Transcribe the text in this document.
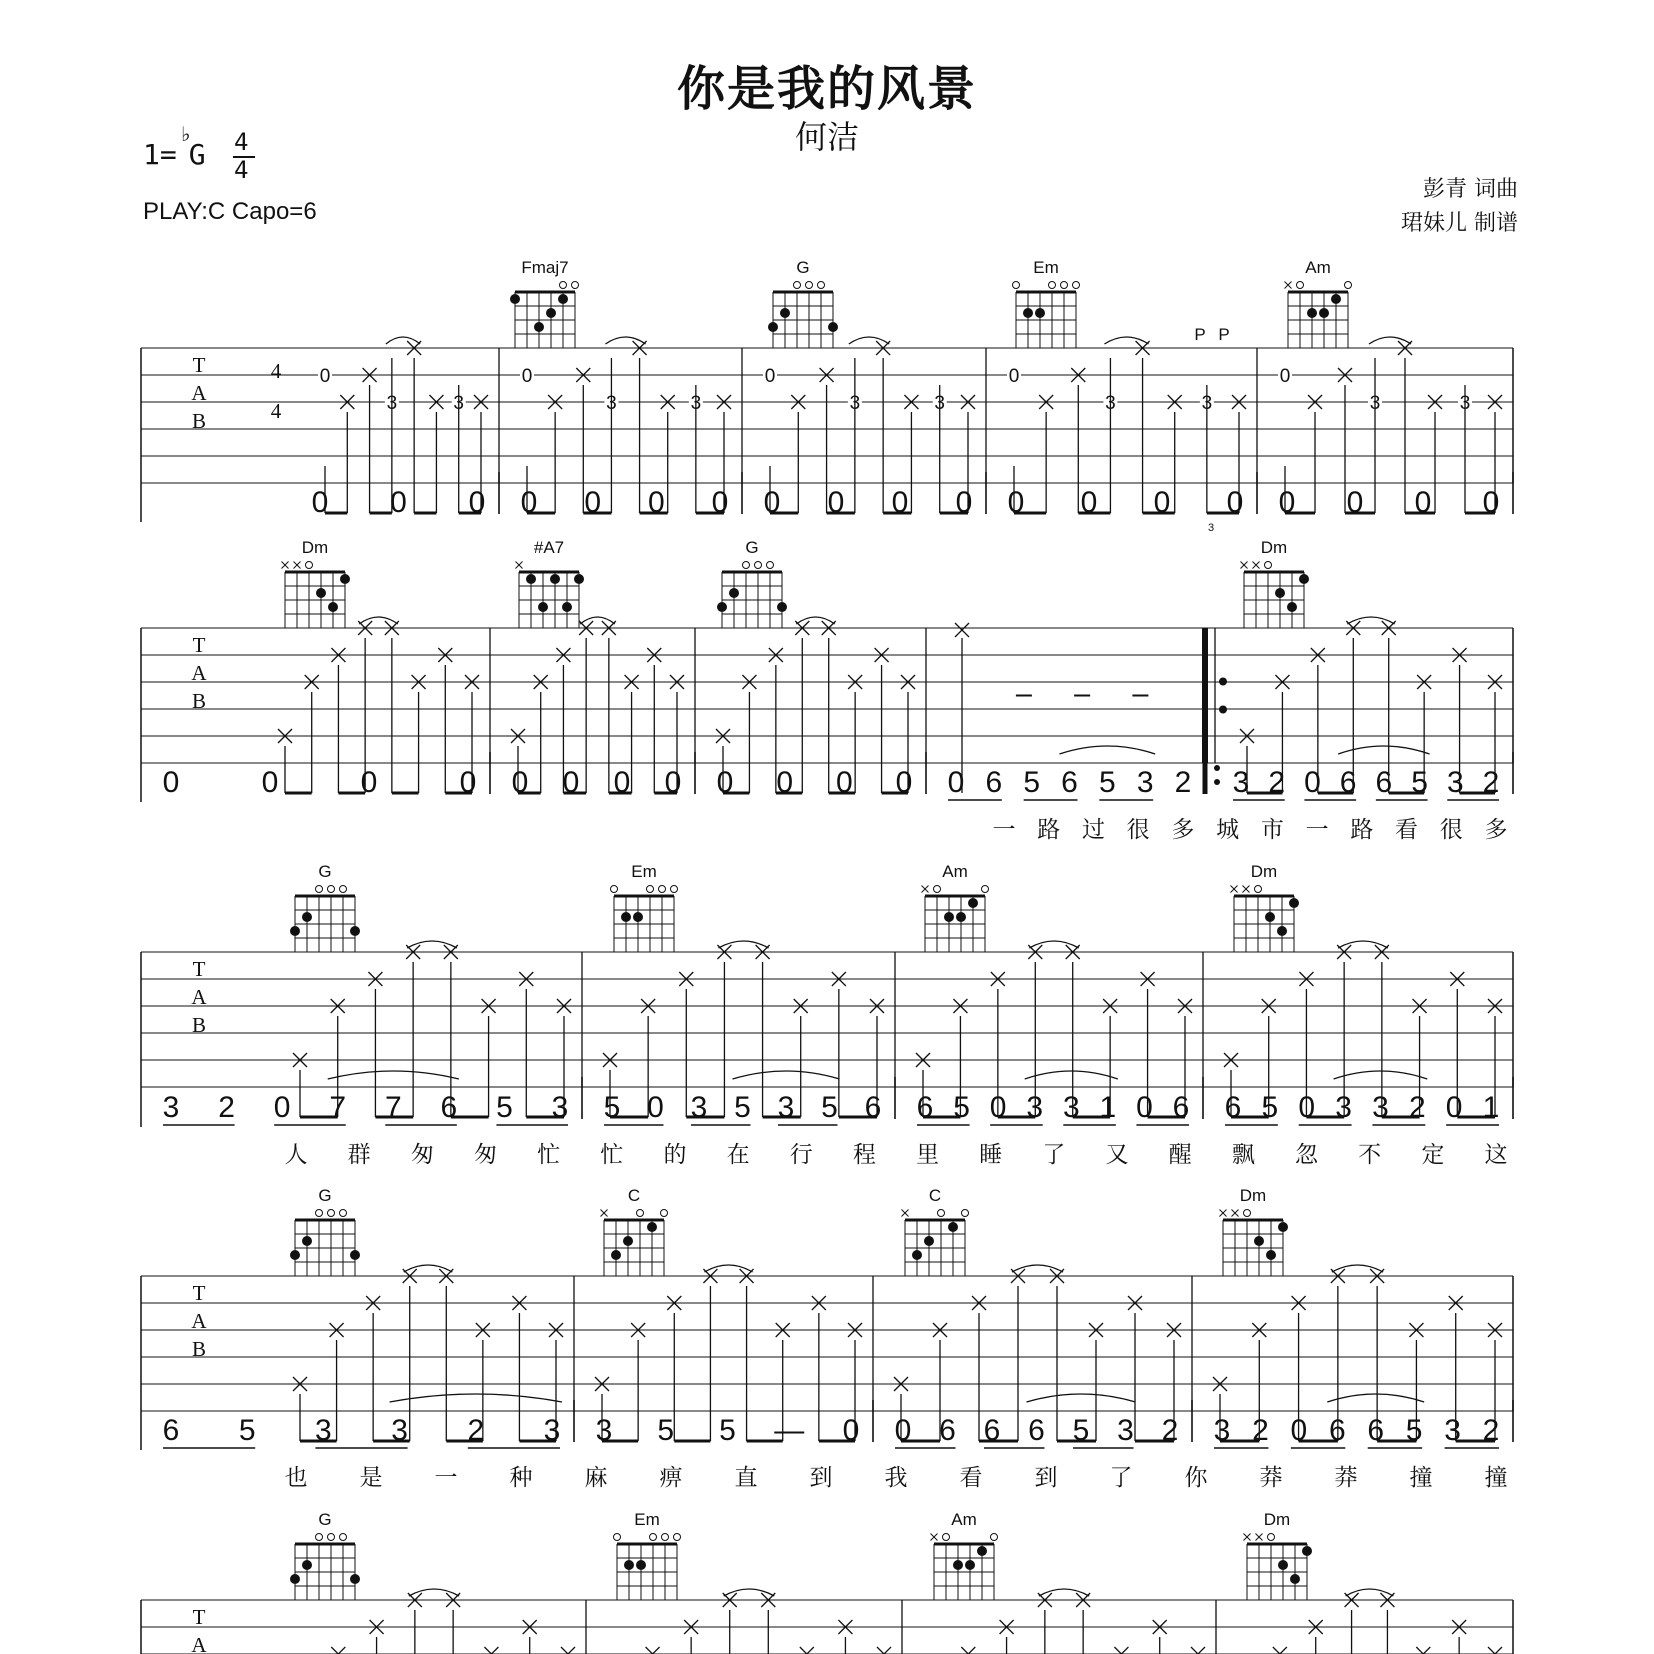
你是我的风景
何洁
1= G
♭ 4
4
PLAY:C Capo=6
彭青 词曲
珺妹儿 制谱
T
A
B
Fmaj7	G	Em	Am
0
3	3
0
3	3
0
3	3
0
3	3
0
3	3
4
4
P P
3
0 0 0 0 0 0 0 0 0 0 0 0 0 0 0 0 0 0 0
T
A
B
Dm	#A7	G	Dm
0	0	0	0 0 0 0 0 0 0 0 0 0 6 5 6 5 3 2 3 2 0 6 6 5 3 2
一 路 过 很 多 城 市 一 路 看 很 多
T
A
B
G	Em	Am	Dm
3 2 0 7 7 6 5 3 5 0 3 5 3 5 6 6 5 0 3 3 1 0 6 6 5 0 3 3 2 0 1
人 群 匆 匆 忙 忙 的 在 行 程 里 睡 了 又 醒 飘 忽 不 定 这
T
A
B
G	C	C	Dm
6 5 3 3 2 3 3 5 5 — 0 0 6 6 6 5 3 2 3 2 0 6 6 5 3 2
也 是 一 种 麻 痹 直 到 我 看 到 了 你 莽 莽 撞 撞
T
A
G	Em	Am	Dm
